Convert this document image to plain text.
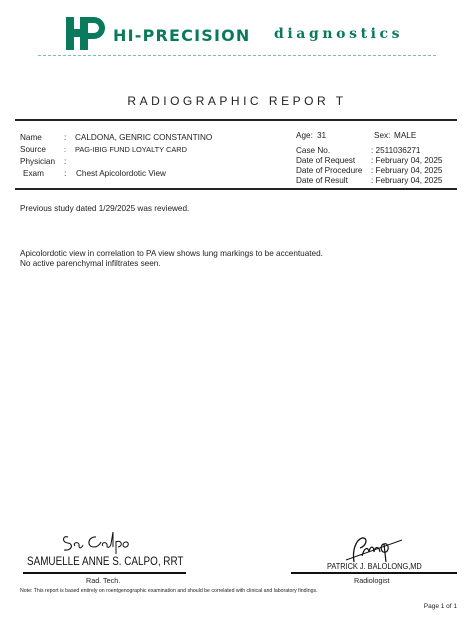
HI-PRECISION diagnostics
RADIOGRAPHIC REPOR T
Name	: CALDONA, GENRIC CONSTANTINO
Source : PAG-IBIG FUND LOYALTY CARD
Physician :
Exam : Chest Apicolordotic View
Age: 31	Sex: MALE
Case No.	: 2511036271
Date of Request : February 04, 2025
Date of Procedure : February 04, 2025
Date of Result	: February 04, 2025
Previous study dated 1/29/2025 was reviewed.
Apicolordotic view in correlation to PA view shows lung markings to be accentuated.
No active parenchymal infiltrates seen.
SAMUELLE ANNE S. CALPO, RRT
Rad. Tech.
PATRICK J. BALOLONG,MD
Radiologist
Note: This report is based entirely on roentgenographic examination and should be correlated with clinical and laboratory findings.
Page 1 of 1
